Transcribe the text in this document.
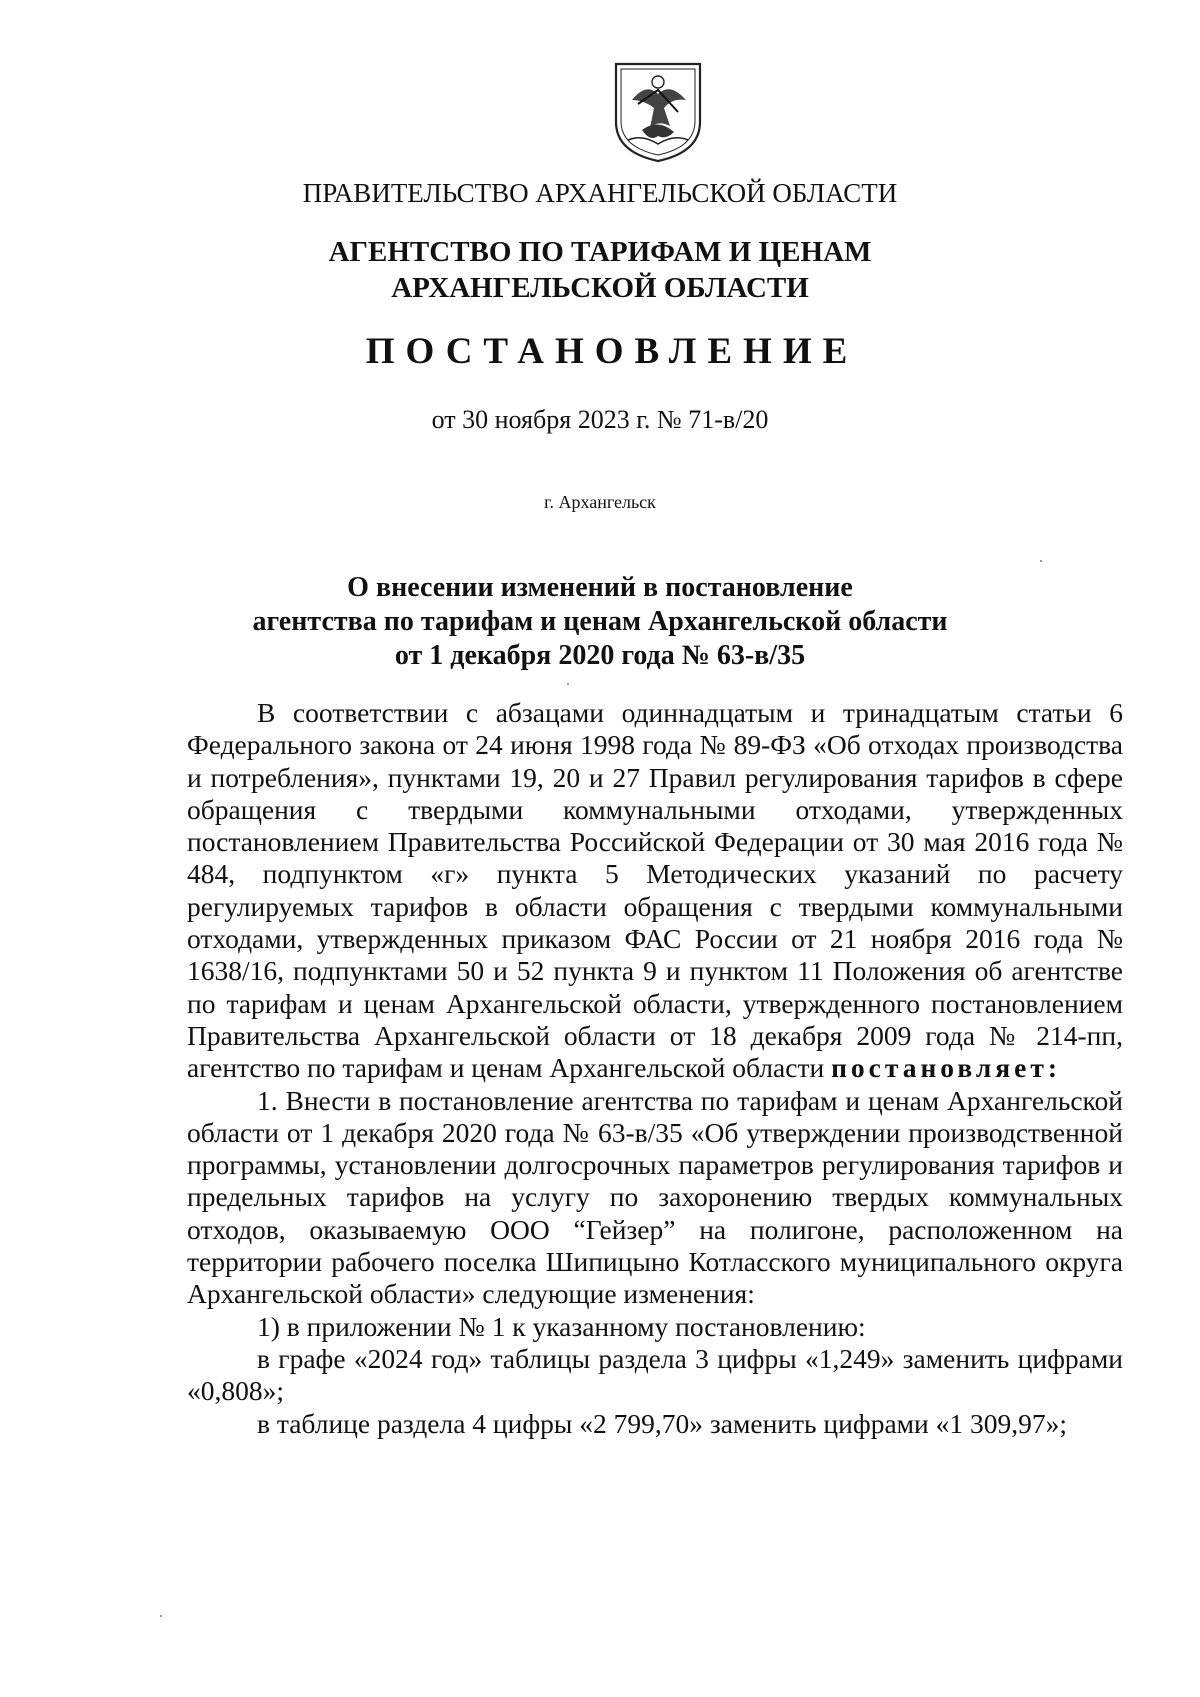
ПРАВИТЕЛЬСТВО АРХАНГЕЛЬСКОЙ ОБЛАСТИ
АГЕНТСТВО ПО ТАРИФАМ И ЦЕНАМ
АРХАНГЕЛЬСКОЙ ОБЛАСТИ
ПОСТАНОВЛЕНИЕ
от 30 ноября 2023 г. № 71-в/20
г. Архангельск
О внесении изменений в постановление
агентства по тарифам и ценам Архангельской области
от 1 декабря 2020 года № 63-в/35

В соответствии с абзацами одиннадцатым и тринадцатым статьи 6 Федерального закона от 24 июня 1998 года № 89-ФЗ «Об отходах производства и потребления», пунктами 19, 20 и 27 Правил регулирования тарифов в сфере обращения с твердыми коммунальными отходами, утвержденных постановлением Правительства Российской Федерации от 30 мая 2016 года № 484, подпунктом «г» пункта 5 Методических указаний по расчету регулируемых тарифов в области обращения с твердыми коммунальными отходами, утвержденных приказом ФАС России от 21 ноября 2016 года № 1638/16, подпунктами 50 и 52 пункта 9 и пунктом 11 Положения об агентстве по тарифам и ценам Архангельской области, утвержденного постановлением Правительства Архангельской области от 18 декабря 2009 года № 214-пп, агентство по тарифам и ценам Архангельской области постановляет:

1. Внести в постановление агентства по тарифам и ценам Архангельской области от 1 декабря 2020 года № 63-в/35 «Об утверждении производственной программы, установлении долгосрочных параметров регулирования тарифов и предельных тарифов на услугу по захоронению твердых коммунальных отходов, оказываемую ООО “Гейзер” на полигоне, расположенном на территории рабочего поселка Шипицыно Котласского муниципального округа Архангельской области» следующие изменения:

1) в приложении № 1 к указанному постановлению:

в графе «2024 год» таблицы раздела 3 цифры «1,249» заменить цифрами «0,808»;

в таблице раздела 4 цифры «2 799,70» заменить цифрами «1 309,97»;
